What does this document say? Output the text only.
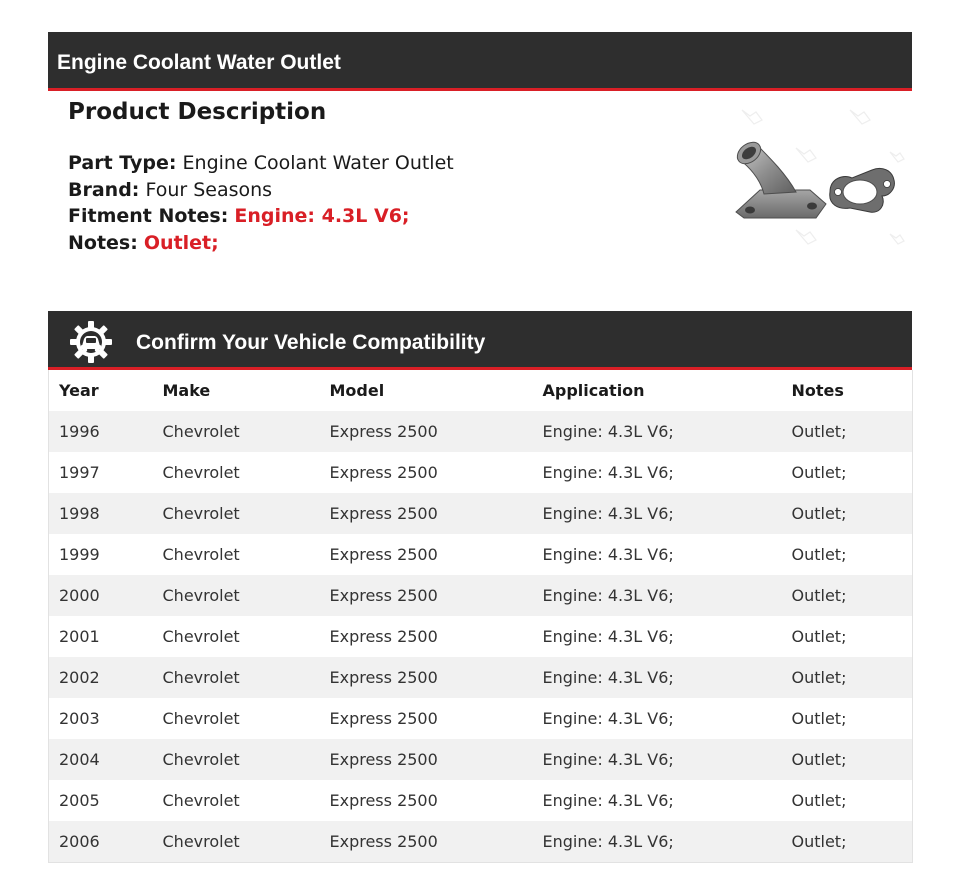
Engine Coolant Water Outlet
Product Description
Part Type: Engine Coolant Water Outlet
Brand: Four Seasons
Fitment Notes: Engine: 4.3L V6;
Notes: Outlet;
Confirm Your Vehicle Compatibility
Year	Make	Model	Application	Notes
1996	Chevrolet	Express 2500	Engine: 4.3L V6;	Outlet;
1997	Chevrolet	Express 2500	Engine: 4.3L V6;	Outlet;
1998	Chevrolet	Express 2500	Engine: 4.3L V6;	Outlet;
1999	Chevrolet	Express 2500	Engine: 4.3L V6;	Outlet;
2000	Chevrolet	Express 2500	Engine: 4.3L V6;	Outlet;
2001	Chevrolet	Express 2500	Engine: 4.3L V6;	Outlet;
2002	Chevrolet	Express 2500	Engine: 4.3L V6;	Outlet;
2003	Chevrolet	Express 2500	Engine: 4.3L V6;	Outlet;
2004	Chevrolet	Express 2500	Engine: 4.3L V6;	Outlet;
2005	Chevrolet	Express 2500	Engine: 4.3L V6;	Outlet;
2006	Chevrolet	Express 2500	Engine: 4.3L V6;	Outlet;
